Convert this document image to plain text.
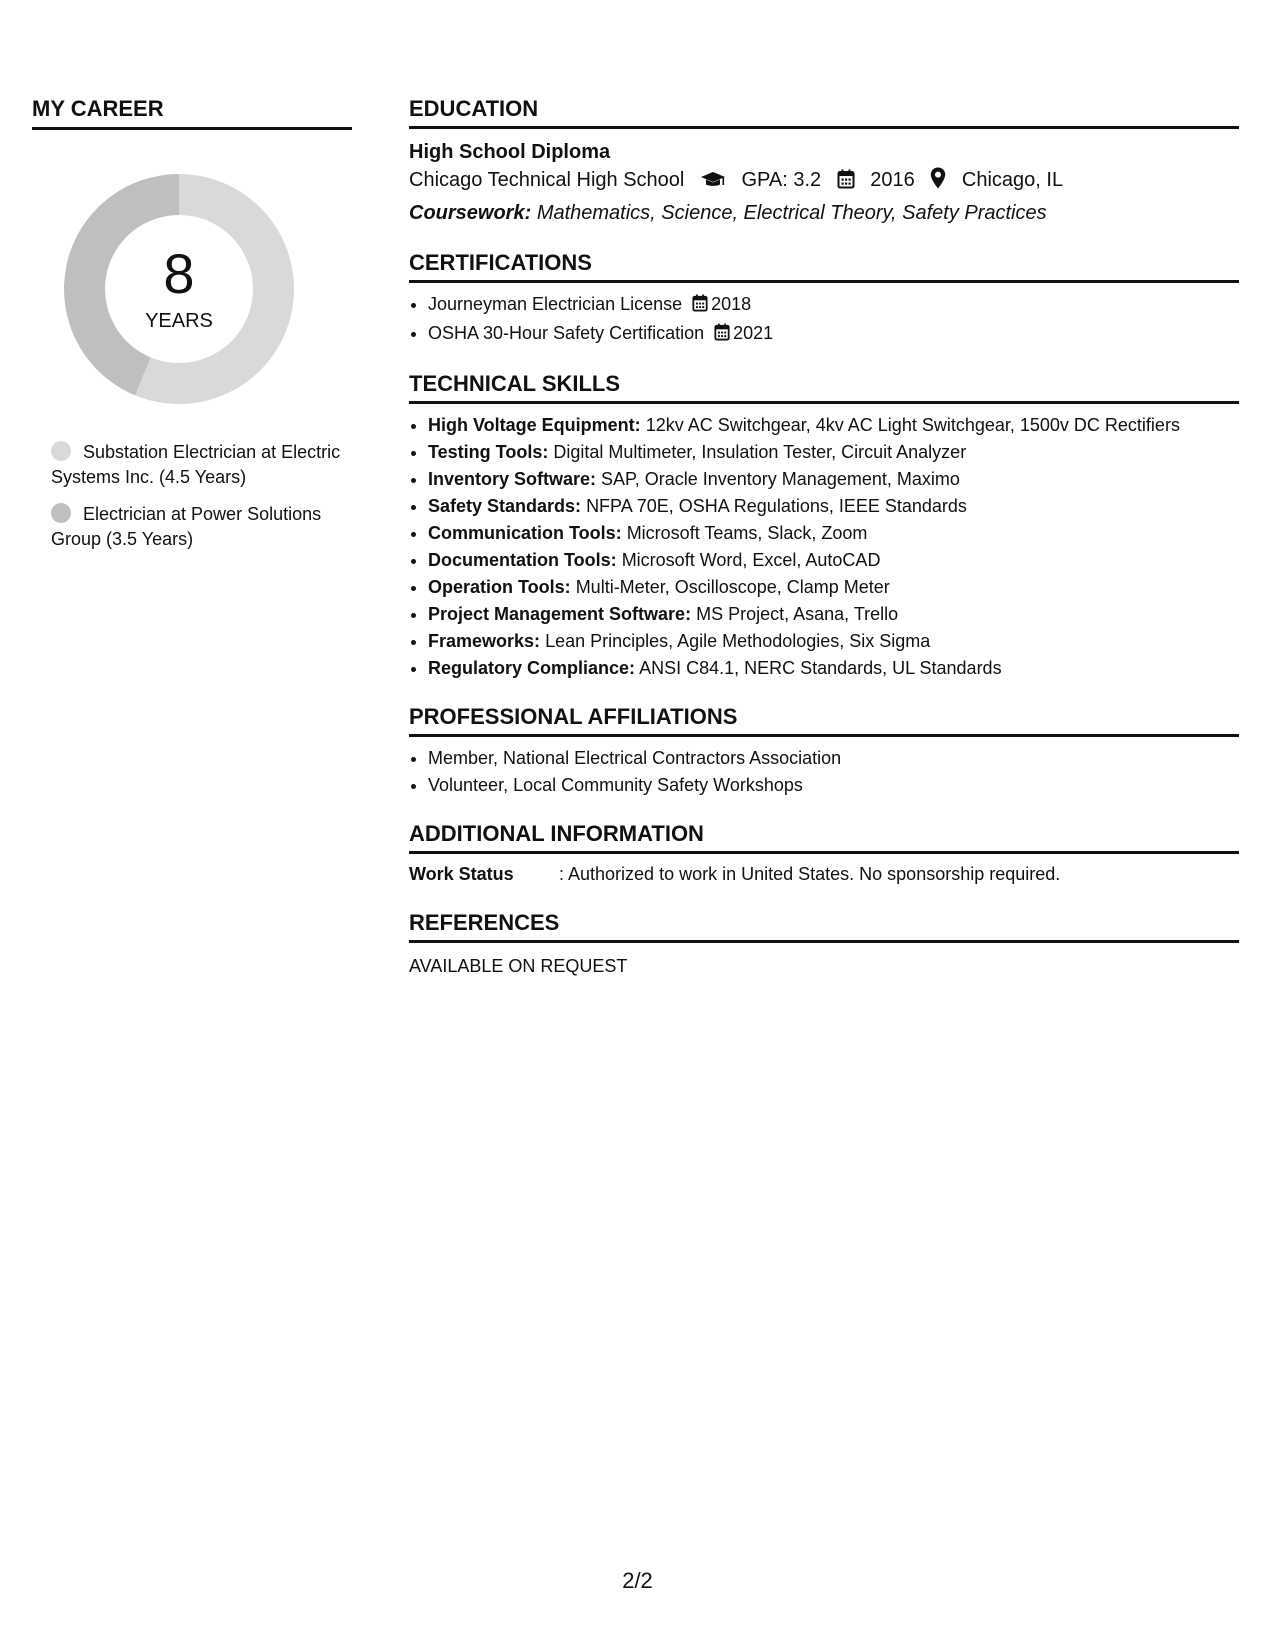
MY CAREER
8
YEARS
Substation Electrician at Electric Systems Inc. (4.5 Years)
Electrician at Power Solutions Group (3.5 Years)
EDUCATION
High School Diploma
Chicago Technical High School	GPA: 3.2 2016 Chicago, IL
Coursework: Mathematics, Science, Electrical Theory, Safety Practices
CERTIFICATIONS
• Journeyman Electrician License 2018
• OSHA 30-Hour Safety Certification 2021
TECHNICAL SKILLS
• High Voltage Equipment: 12kv AC Switchgear, 4kv AC Light Switchgear, 1500v DC Rectifiers
• Testing Tools: Digital Multimeter, Insulation Tester, Circuit Analyzer
• Inventory Software: SAP, Oracle Inventory Management, Maximo
• Safety Standards: NFPA 70E, OSHA Regulations, IEEE Standards
• Communication Tools: Microsoft Teams, Slack, Zoom
• Documentation Tools: Microsoft Word, Excel, AutoCAD
• Operation Tools: Multi-Meter, Oscilloscope, Clamp Meter
• Project Management Software: MS Project, Asana, Trello
• Frameworks: Lean Principles, Agile Methodologies, Six Sigma
• Regulatory Compliance: ANSI C84.1, NERC Standards, UL Standards
PROFESSIONAL AFFILIATIONS
• Member, National Electrical Contractors Association
• Volunteer, Local Community Safety Workshops
ADDITIONAL INFORMATION
Work Status	: Authorized to work in United States. No sponsorship required.
REFERENCES
AVAILABLE ON REQUEST
2/2
